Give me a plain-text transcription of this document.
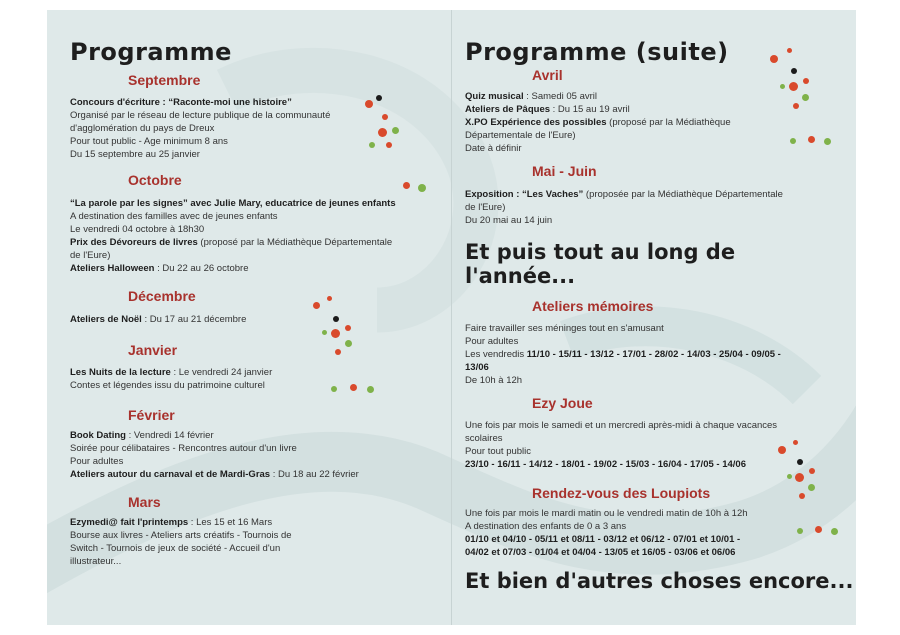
Programme
Septembre
Concours d'écriture : “Raconte-moi une histoire”
Organisé par le réseau de lecture publique de la communauté
d'agglomération du pays de Dreux
Pour tout public - Age minimum 8 ans
Du 15 septembre au 25 janvier
Octobre
“La parole par les signes” avec Julie Mary, educatrice de jeunes enfants
A destination des familles avec de jeunes enfants
Le vendredi 04 octobre à 18h30
Prix des Dévoreurs de livres (proposé par la Médiathèque Départementale
de l'Eure)
Ateliers Halloween : Du 22 au 26 octobre
Décembre
Ateliers de Noël : Du 17 au 21 décembre
Janvier
Les Nuits de la lecture : Le vendredi 24 janvier
Contes et légendes issu du patrimoine culturel
Février
Book Dating : Vendredi 14 février
Soirée pour célibataires - Rencontres autour d'un livre
Pour adultes
Ateliers autour du carnaval et de Mardi-Gras : Du 18 au 22 février
Mars
Ezymedi@ fait l'printemps : Les 15 et 16 Mars
Bourse aux livres - Ateliers arts créatifs - Tournois de
Switch - Tournois de jeux de société - Accueil d'un
illustrateur...
Programme (suite)
Avril
Quiz musical : Samedi 05 avril
Ateliers de Pâques : Du 15 au 19 avril
X.PO Expérience des possibles (proposé par la Médiathèque
Départementale de l'Eure)
Date à définir
Mai - Juin
Exposition : “Les Vaches” (proposée par la Médiathèque Départementale
de l'Eure)
Du 20 mai au 14 juin
Et puis tout au long de
l'année...
Ateliers mémoires
Faire travailler ses méninges tout en s'amusant
Pour adultes
Les vendredis 11/10 - 15/11 - 13/12 - 17/01 - 28/02 - 14/03 - 25/04 - 09/05 -
13/06
De 10h à 12h
Ezy Joue
Une fois par mois le samedi et un mercredi après-midi à chaque vacances
scolaires
Pour tout public
23/10 - 16/11 - 14/12 - 18/01 - 19/02 - 15/03 - 16/04 - 17/05 - 14/06
Rendez-vous des Loupiots
Une fois par mois le mardi matin ou le vendredi matin de 10h à 12h
A destination des enfants de 0 a 3 ans
01/10 et 04/10 - 05/11 et 08/11 - 03/12 et 06/12 - 07/01 et 10/01 -
04/02 et 07/03 - 01/04 et 04/04 - 13/05 et 16/05 - 03/06 et 06/06
Et bien d'autres choses encore...
